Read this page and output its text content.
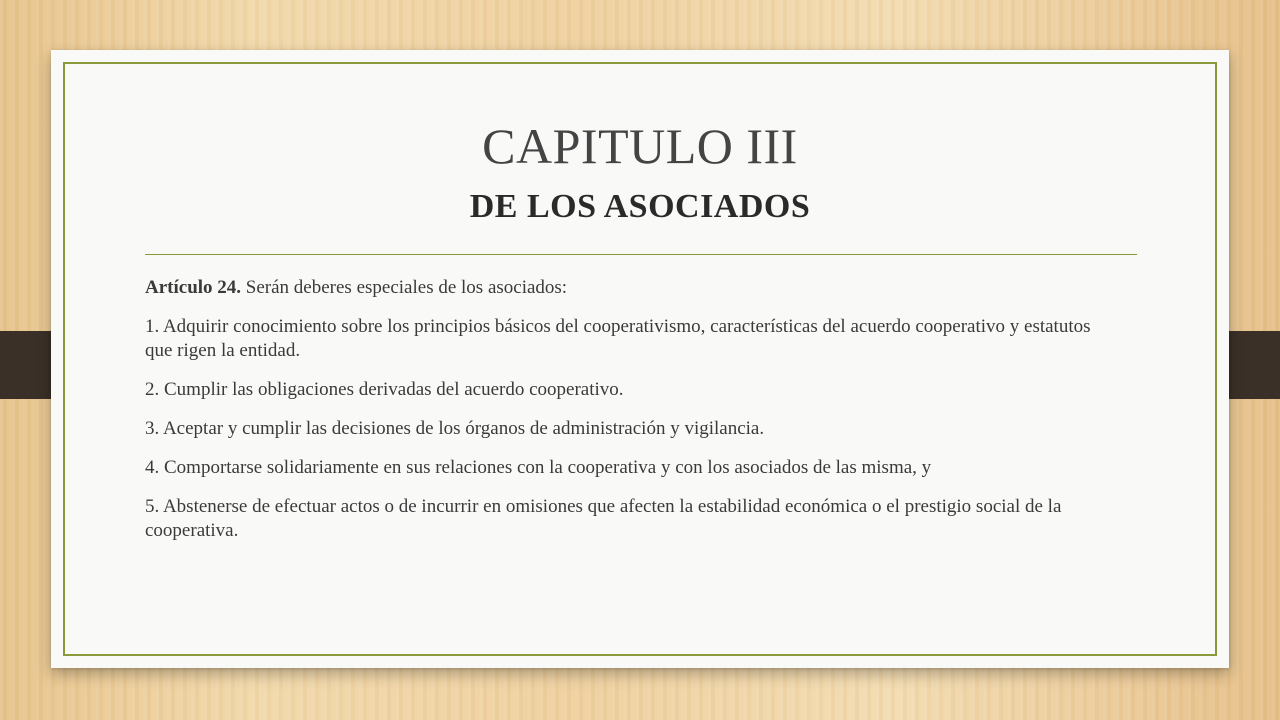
CAPITULO III
DE LOS ASOCIADOS

Artículo 24. Serán deberes especiales de los asociados:

1. Adquirir conocimiento sobre los principios básicos del cooperativismo, características del acuerdo cooperativo y estatutos que rigen la entidad.

2. Cumplir las obligaciones derivadas del acuerdo cooperativo.

3. Aceptar y cumplir las decisiones de los órganos de administración y vigilancia.

4. Comportarse solidariamente en sus relaciones con la cooperativa y con los asociados de las misma, y

5. Abstenerse de efectuar actos o de incurrir en omisiones que afecten la estabilidad económica o el prestigio social de la cooperativa.
